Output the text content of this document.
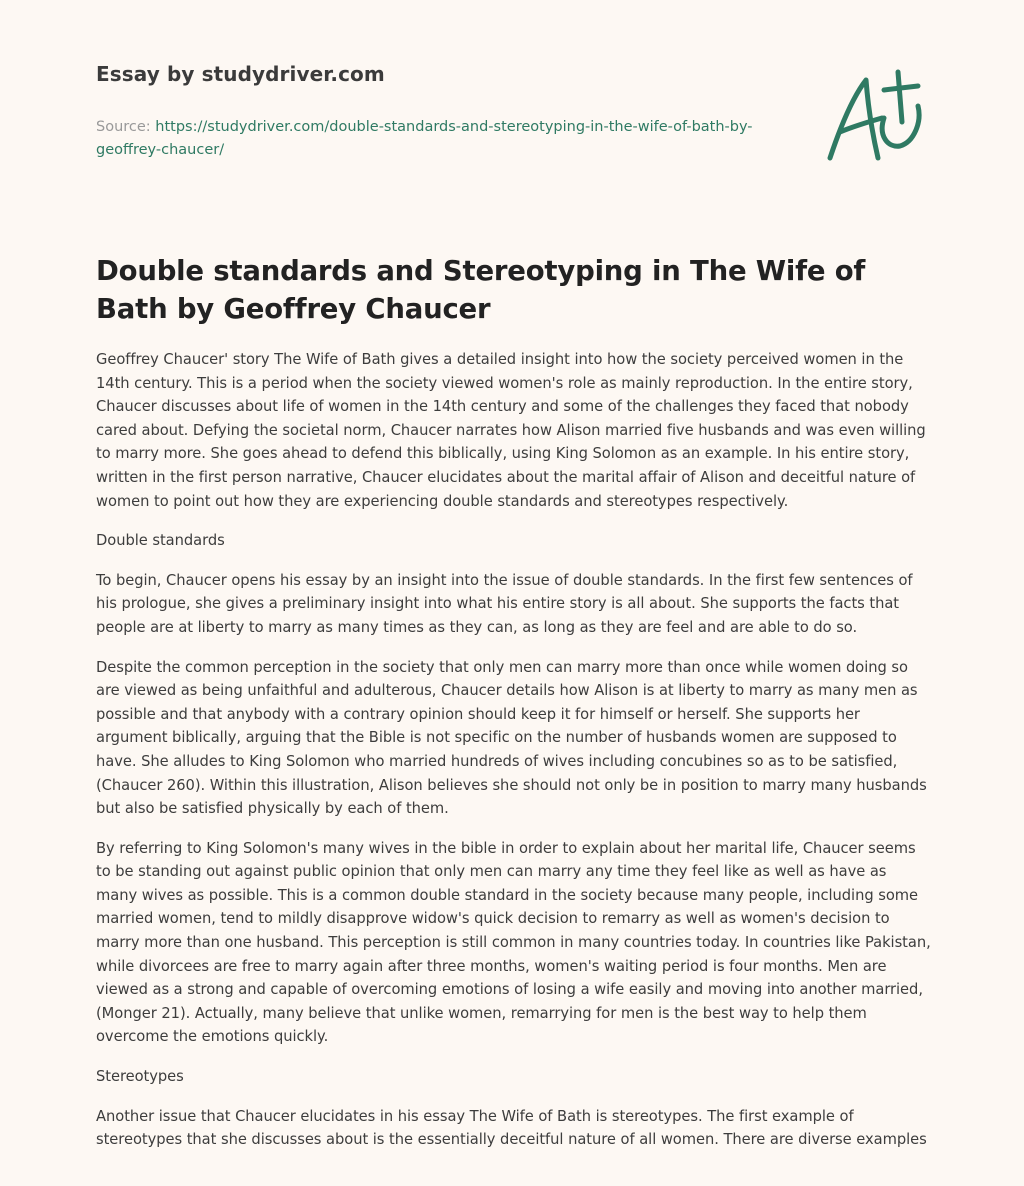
Essay by studydriver.com
Source: https://studydriver.com/double-standards-and-stereotyping-in-the-wife-of-bath-by-geoffrey-chaucer/
Double standards and Stereotyping in The Wife of Bath by Geoffrey Chaucer

Geoffrey Chaucer' story The Wife of Bath gives a detailed insight into how the society perceived women in the 14th century. This is a period when the society viewed women's role as mainly reproduction. In the entire story, Chaucer discusses about life of women in the 14th century and some of the challenges they faced that nobody cared about. Defying the societal norm, Chaucer narrates how Alison married five husbands and was even willing to marry more. She goes ahead to defend this biblically, using King Solomon as an example. In his entire story, written in the first person narrative, Chaucer elucidates about the marital affair of Alison and deceitful nature of women to point out how they are experiencing double standards and stereotypes respectively.

Double standards

To begin, Chaucer opens his essay by an insight into the issue of double standards. In the first few sentences of his prologue, she gives a preliminary insight into what his entire story is all about. She supports the facts that people are at liberty to marry as many times as they can, as long as they are feel and are able to do so.

Despite the common perception in the society that only men can marry more than once while women doing so are viewed as being unfaithful and adulterous, Chaucer details how Alison is at liberty to marry as many men as possible and that anybody with a contrary opinion should keep it for himself or herself. She supports her argument biblically, arguing that the Bible is not specific on the number of husbands women are supposed to have. She alludes to King Solomon who married hundreds of wives including concubines so as to be satisfied, (Chaucer 260). Within this illustration, Alison believes she should not only be in position to marry many husbands but also be satisfied physically by each of them.

By referring to King Solomon's many wives in the bible in order to explain about her marital life, Chaucer seems to be standing out against public opinion that only men can marry any time they feel like as well as have as many wives as possible. This is a common double standard in the society because many people, including some married women, tend to mildly disapprove widow's quick decision to remarry as well as women's decision to marry more than one husband. This perception is still common in many countries today. In countries like Pakistan, while divorcees are free to marry again after three months, women's waiting period is four months. Men are viewed as a strong and capable of overcoming emotions of losing a wife easily and moving into another married, (Monger 21). Actually, many believe that unlike women, remarrying for men is the best way to help them overcome the emotions quickly.

Stereotypes

Another issue that Chaucer elucidates in his essay The Wife of Bath is stereotypes. The first example of stereotypes that she discusses about is the essentially deceitful nature of all women. There are diverse examples
